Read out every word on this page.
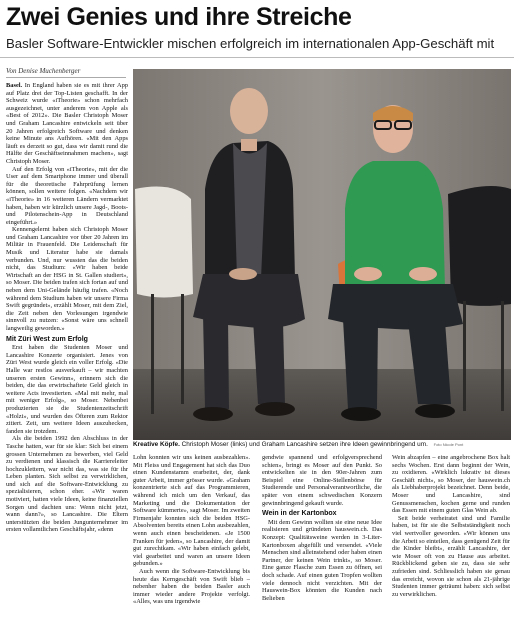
Zwei Genies und ihre Streiche

Basler Software-Entwickler mischen erfolgreich im internationalen App-Geschäft mit

Von Denise Muchenberger

Basel. In England haben sie es mit ihrer App auf Platz drei der Top-Listen geschafft. In der Schweiz wurde «iTheorie» schon mehrfach ausgezeichnet, unter anderem von Apple als «Best of 2012». Die Basler Christoph Moser und Graham Lancashire entwickeln seit über 20 Jahren erfolgreich Software und denken keine Minute ans Aufhören. «Mit den Apps läuft es derzeit so gut, dass wir damit rund die Hälfte der Geschäftseinnahmen machen», sagt Christoph Moser.

Auf den Erfolg von «iTheorie», mit der die User auf dem Smartphone immer und überall für die theoretische Fahrprüfung lernen können, sollen weitere folgen. «Nachdem wir «iTheorie» in 16 weiteren Ländern vermarktet haben, haben wir kürzlich unsere Jagd-, Boots- und Pilotenschein-App in Deutschland eingeführt.»

Kennengelernt haben sich Christoph Moser und Graham Lancashire vor über 20 Jahren im Militär in Frauenfeld. Die Leidenschaft für Musik und Literatur habe sie damals verbunden. Und, nur wussten das die beiden nicht, das Studium: «Wir haben beide Wirtschaft an der HSG in St. Gallen studiert», so Moser. Die beiden trafen sich fortan auf und neben dem Uni-Gelände häufig trafen. «Noch während dem Studium haben wir unsere Firma Swift gegründet», erzählt Moser, mit dem Ziel, die Zeit neben den Vorlesungen irgendwie sinnvoll zu nutzen: «Sonst wäre uns schnell langweilig geworden.»

Mit Züri West zum Erfolg

Erst haben die Studenten Moser und Lancashire Konzerte organisiert. Jenes von Züri West wurde gleich ein voller Erfolg. «Die Halle war restlos ausverkauft – wir machten unseren ersten Gewinn», erinnern sich die beiden, die das erwirtschaftete Geld gleich in weitere Acts investierten. «Mal mit mehr, mal mit weniger Erfolg», so Moser. Nebenbei produzierten sie die Studentenzeitschrift «Holzi», und wurden des Öfteren zum Rektor zitiert. Zeit, um weitere Ideen auszuhecken, fanden sie trotzdem.

Als die beiden 1992 den Abschluss in der Tasche hatten, war für sie klar: Sich bei einem grossen Unternehmen zu bewerben, viel Geld zu verdienen und klassisch die Karriereleiter hochzuklettern, war nicht das, was sie für ihr Leben planten. Sich selbst zu verwirklichen, und sich auf die Software-Entwicklung zu spezialisieren, schon eher. «Wir waren motiviert, hatten viele Ideen, keine finanziellen Sorgen und dachten uns: Wenn nicht jetzt, wann dann?», so Lancashire. Die Eltern unterstützten die beiden Jungunternehmer im ersten vollamtlichen Geschäftsjahr, «denn

Kreative Köpfe. Christoph Moser (links) und Graham Lancashire setzen ihre Ideen gewinnbringend um. Foto Nicole Pont

Lohn konnten wir uns keinen ausbezahlen». Mit Fleiss und Engagement hat sich das Duo einen Kundenstamm erarbeitet, der, dank guter Arbeit, immer grösser wurde. «Graham konzentrierte sich auf das Programmieren, während ich mich um den Verkauf, das Marketing und die Dokumentation der Software kümmerte», sagt Moser. Im zweiten Firmenjahr konnten sich die beiden HSG-Absolventen bereits einen Lohn ausbezahlen, wenn auch einen bescheidenen. «Je 1500 Franken für jeden», so Lancashire, der damit gut zurechtkam. «Wir haben einfach gelebt, viel gearbeitet und waren an unsere Ideen gebunden.»

Auch wenn die Software-Entwicklung bis heute das Kerngeschäft von Swift blieb – nebenher haben die beiden Basler auch immer wieder andere Projekte verfolgt. «Alles, was uns irgendwie

gendwie spannend und erfolgversprechend schien», bringt es Moser auf den Punkt. So entwickelten sie in den 90er-Jahren zum Beispiel eine Online-Stellenbörse für Studierende und Personalverantwortliche, die später von einem schwedischen Konzern gewinnbringend gekauft wurde.

Wein in der Kartonbox

Mit dem Gewinn wollten sie eine neue Idee realisieren und gründeten hauswein.ch. Das Konzept: Qualitätsweine werden in 3-Liter-Kartonboxen abgefüllt und versendet. «Viele Menschen sind alleinstehend oder haben einen Partner, der keinen Wein trinkt», so Moser. Eine ganze Flasche zum Essen zu öffnen, sei doch schade. Auf einen guten Tropfen wollten viele dennoch nicht verzichten. Mit der Hauswein-Box könnten die Kunden nach Belieben

Wein abzapfen – eine angebrochene Box halt sechs Wochen. Erst dann beginnt der Wein, zu oxidieren. «Wirklich lukrativ ist dieses Geschäft nicht», so Moser, der hauswein.ch als Liebhaberprojekt bezeichnet. Denn beide, Moser und Lancashire, sind Genussmenschen, kochen gerne und runden das Essen mit einem guten Glas Wein ab.

Seit beide verheiratet sind und Familie haben, ist für sie die Selbstständigkeit noch viel wertvoller geworden. «Wir können uns die Arbeit so einteilen, dass genügend Zeit für die Kinder bleibt», erzählt Lancashire, der wie Moser oft von zu Hause aus arbeitet. Rückblickend geben sie zu, dass sie sehr zufrieden sind. Schliesslich haben sie genau das erreicht, wovon sie schon als 21-jährige Studenten immer geträumt haben: sich selbst zu verwirklichen.
